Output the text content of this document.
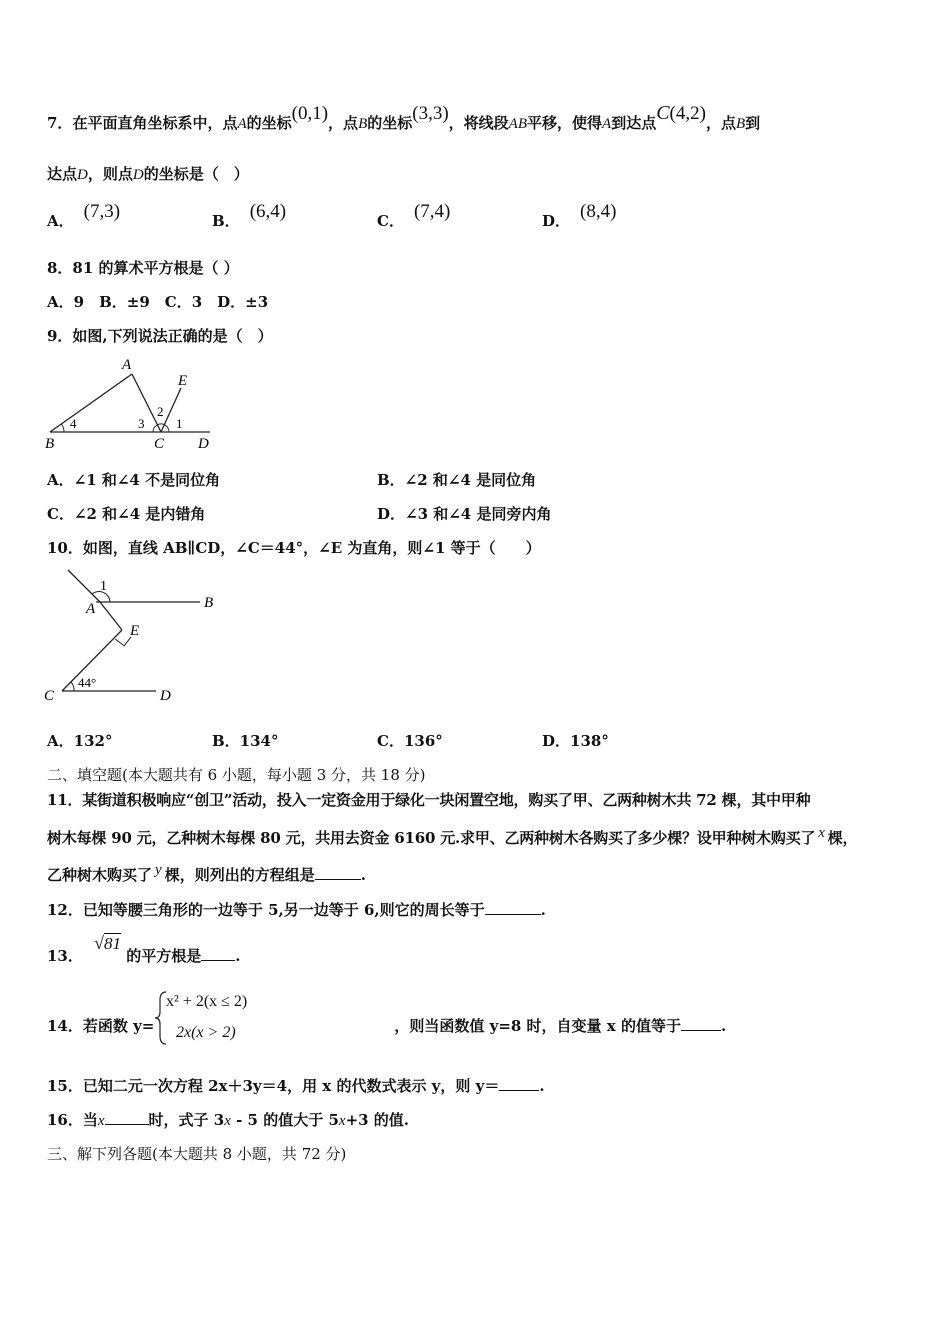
7．在平面直角坐标系中，点A的坐标(0,1)，点B的坐标(3,3)，将线段AB平移，使得A到达点C(4,2)，点B到
达点D，则点D的坐标是（　）
A． (7,3)	B． (6,4)	C． (7,4)	D． (8,4)
8．81 的算术平方根是（ ）
A．9　B．±9　C．3　D．±3
9．如图,下列说法正确的是（　）
A
B	C D
E
4	3
2
1
A．∠1 和∠4 不是同位角	B．∠2 和∠4 是同位角
C．∠2 和∠4 是内错角	D．∠3 和∠4 是同旁内角
10．如图，直线 AB∥CD，∠C＝44°，∠E 为直角，则∠1 等于（　　）
1
A	B
E
C	D
44°
A．132°	B．134°	C．136°	D．138°
二、填空题(本大题共有 6 小题，每小题 3 分，共 18 分)
11．某街道积极响应“创卫”活动，投入一定资金用于绿化一块闲置空地，购买了甲、乙两种树木共 72 棵，其中甲种
树木每棵 90 元，乙种树木每棵 80 元，共用去资金 6160 元.求甲、乙两种树木各购买了多少棵？设甲种树木购买了 x 棵，
乙种树木购买了 y 棵，则列出的方程组是	.
12．已知等腰三角形的一边等于 5,另一边等于 6,则它的周长等于	.
13． √81 的平方根是 .
14．若函数 y=	，则当函数值 y=8 时，自变量 x 的值等于	.
x² + 2(x ≤ 2)
2x(x > 2)
15．已知二元一次方程 2x＋3y＝4，用 x 的代数式表示 y，则 y＝	.
16．当x	时，式子 3x - 5 的值大于 5x+3 的值.
三、解下列各题(本大题共 8 小题，共 72 分)
